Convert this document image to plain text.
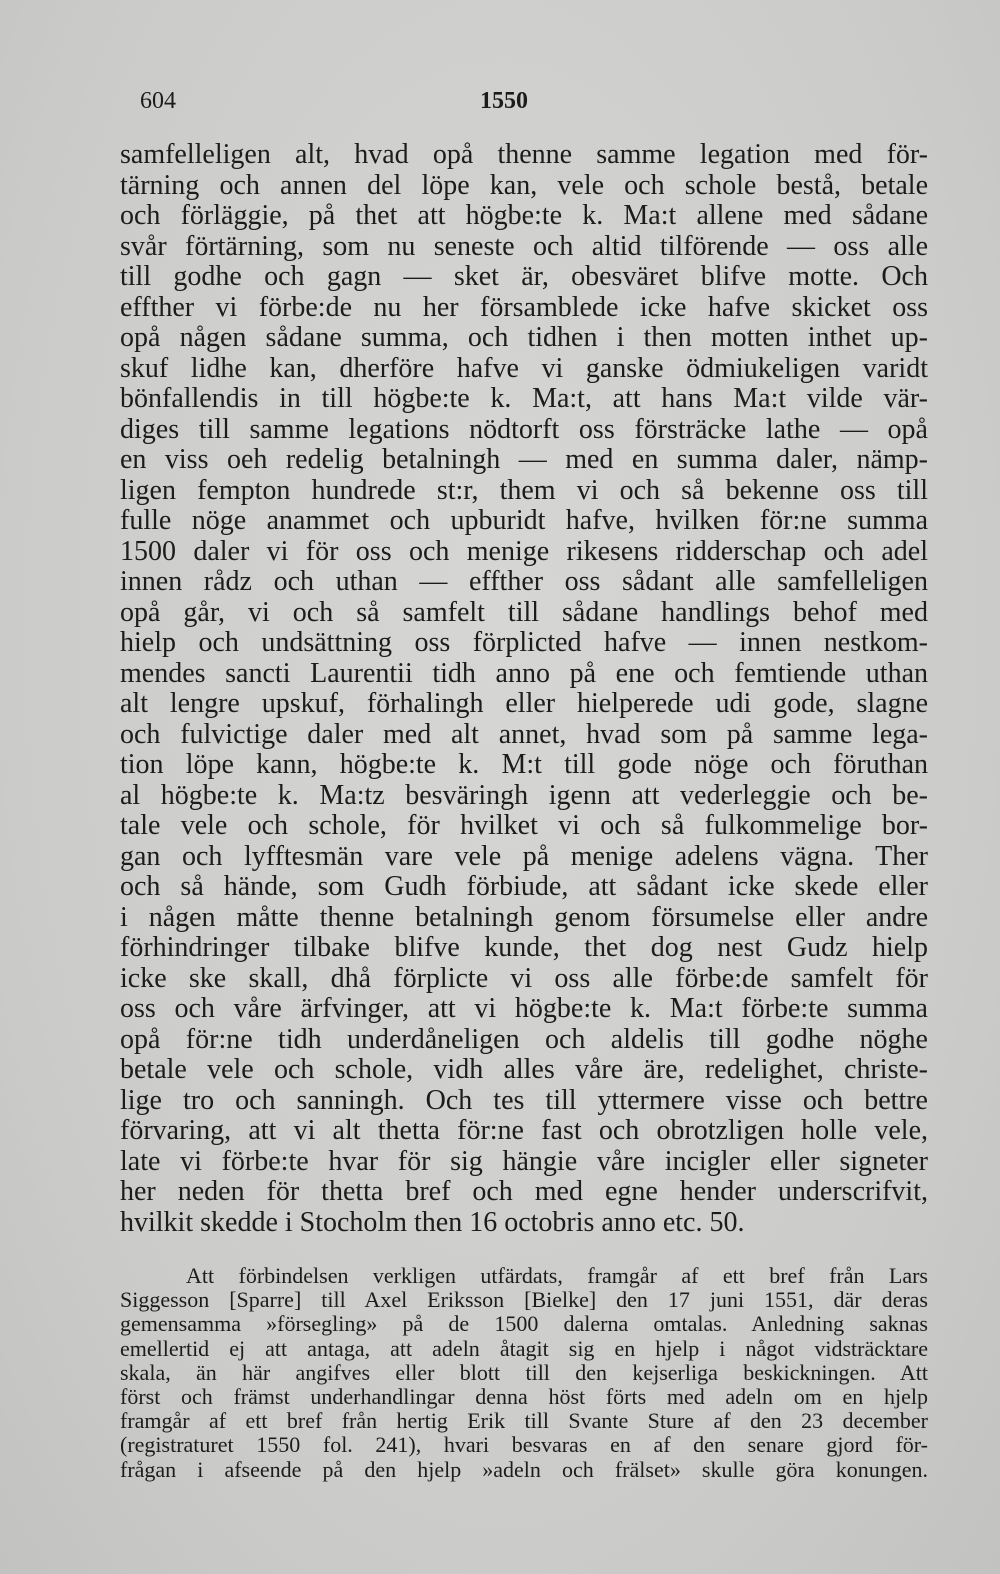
604	1550
samfelleligen alt, hvad opå thenne samme legation med för-
tärning och annen del löpe kan, vele och schole bestå, betale
och förläggie, på thet att högbe:te k. Ma:t allene med sådane
svår förtärning, som nu seneste och altid tilförende — oss alle
till godhe och gagn — sket är, obesväret blifve motte. Och
effther vi förbe:de nu her församblede icke hafve skicket oss
opå någen sådane summa, och tidhen i then motten inthet up-
skuf lidhe kan, dherföre hafve vi ganske ödmiukeligen varidt
bönfallendis in till högbe:te k. Ma:t, att hans Ma:t vilde vär-
diges till samme legations nödtorft oss försträcke lathe — opå
en viss oeh redelig betalningh — med en summa daler, nämp-
ligen fempton hundrede st:r, them vi och så bekenne oss till
fulle nöge anammet och upburidt hafve, hvilken för:ne summa
1500 daler vi för oss och menige rikesens ridderschap och adel
innen rådz och uthan — effther oss sådant alle samfelleligen
opå går, vi och så samfelt till sådane handlings behof med
hielp och undsättning oss förplicted hafve — innen nestkom-
mendes sancti Laurentii tidh anno på ene och femtiende uthan
alt lengre upskuf, förhalingh eller hielperede udi gode, slagne
och fulvictige daler med alt annet, hvad som på samme lega-
tion löpe kann, högbe:te k. M:t till gode nöge och föruthan
al högbe:te k. Ma:tz besväringh igenn att vederleggie och be-
tale vele och schole, för hvilket vi och så fulkommelige bor-
gan och lyfftesmän vare vele på menige adelens vägna. Ther
och så hände, som Gudh förbiude, att sådant icke skede eller
i någen måtte thenne betalningh genom försumelse eller andre
förhindringer tilbake blifve kunde, thet dog nest Gudz hielp
icke ske skall, dhå förplicte vi oss alle förbe:de samfelt för
oss och våre ärfvinger, att vi högbe:te k. Ma:t förbe:te summa
opå för:ne tidh underdåneligen och aldelis till godhe nöghe
betale vele och schole, vidh alles våre äre, redelighet, christe-
lige tro och sanningh. Och tes till yttermere visse och bettre
förvaring, att vi alt thetta för:ne fast och obrotzligen holle vele,
late vi förbe:te hvar för sig hängie våre incigler eller signeter
her neden för thetta bref och med egne hender underscrifvit,
hvilkit skedde i Stocholm then 16 octobris anno etc. 50.
Att förbindelsen verkligen utfärdats, framgår af ett bref från Lars
Siggesson [Sparre] till Axel Eriksson [Bielke] den 17 juni 1551, där deras
gemensamma »försegling» på de 1500 dalerna omtalas. Anledning saknas
emellertid ej att antaga, att adeln åtagit sig en hjelp i något vidsträcktare
skala, än här angifves eller blott till den kejserliga beskickningen. Att
först och främst underhandlingar denna höst förts med adeln om en hjelp
framgår af ett bref från hertig Erik till Svante Sture af den 23 december
(registraturet 1550 fol. 241), hvari besvaras en af den senare gjord för-
frågan i afseende på den hjelp »adeln och frälset» skulle göra konungen.
